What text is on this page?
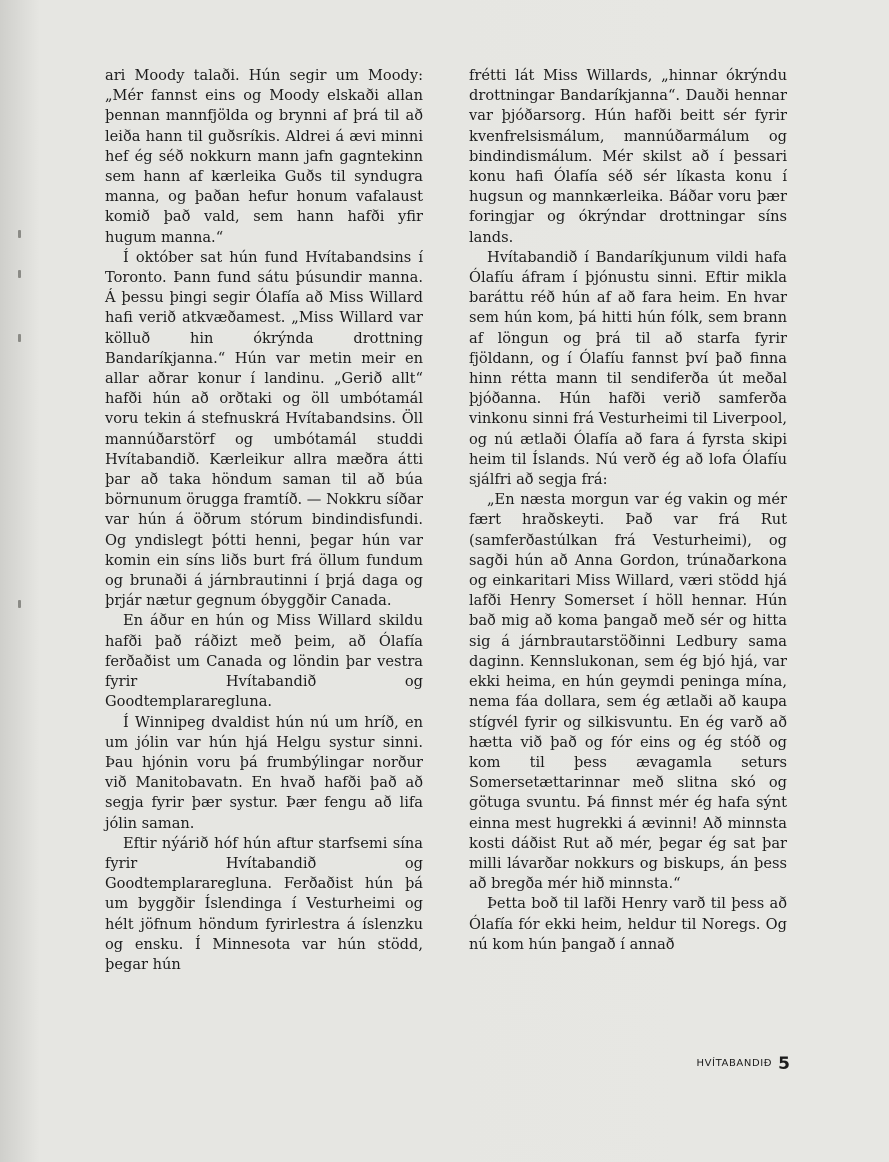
ari Moody talaði. Hún segir um Moody: „Mér fannst eins og Moody elskaði allan þennan mannfjölda og brynni af þrá til að leiða hann til guðsríkis. Aldrei á ævi minni hef ég séð nokkurn mann jafn gagntekinn sem hann af kærleika Guðs til syndugra manna, og þaðan hefur honum vafalaust komið það vald, sem hann hafði yfir hugum manna.“

Í október sat hún fund Hvítabandsins í Toronto. Þann fund sátu þúsundir manna. Á þessu þingi segir Ólafía að Miss Willard hafi verið atkvæðamest. „Miss Willard var kölluð hin ókrýnda drottning Bandaríkjanna.“ Hún var metin meir en allar aðrar konur í landinu. „Gerið allt“ hafði hún að orðtaki og öll umbótamál voru tekin á stefnuskrá Hvítabandsins. Öll mannúðarstörf og umbótamál studdi Hvítabandið. Kærleikur allra mæðra átti þar að taka höndum saman til að búa börnunum örugga framtíð. — Nokkru síðar var hún á öðrum stórum bindindisfundi. Og yndislegt þótti henni, þegar hún var komin ein síns liðs burt frá öllum fundum og brunaði á járnbrautinni í þrjá daga og þrjár nætur gegnum óbyggðir Canada.

En áður en hún og Miss Willard skildu hafði það ráðizt með þeim, að Ólafía ferðaðist um Canada og löndin þar vestra fyrir Hvítabandið og Goodtemplararegluna.

Í Winnipeg dvaldist hún nú um hríð, en um jólin var hún hjá Helgu systur sinni. Þau hjónin voru þá frumbýlingar norður við Manitobavatn. En hvað hafði það að segja fyrir þær systur. Þær fengu að lifa jólin saman.

Eftir nýárið hóf hún aftur starfsemi sína fyrir Hvítabandið og Goodtemplararegluna. Ferðaðist hún þá um byggðir Íslendinga í Vesturheimi og hélt jöfnum höndum fyrirlestra á íslenzku og ensku. Í Minnesota var hún stödd, þegar hún

frétti lát Miss Willards, „hinnar ókrýndu drottningar Bandaríkjanna“. Dauði hennar var þjóðarsorg. Hún hafði beitt sér fyrir kvenfrelsismálum, mannúðarmálum og bindindismálum. Mér skilst að í þessari konu hafi Ólafía séð sér líkasta konu í hugsun og mannkærleika. Báðar voru þær foringjar og ókrýndar drottningar síns lands.

Hvítabandið í Bandaríkjunum vildi hafa Ólafíu áfram í þjónustu sinni. Eftir mikla baráttu réð hún af að fara heim. En hvar sem hún kom, þá hitti hún fólk, sem brann af löngun og þrá til að starfa fyrir fjöldann, og í Ólafíu fannst því það finna hinn rétta mann til sendiferða út meðal þjóðanna. Hún hafði verið samferða vinkonu sinni frá Vesturheimi til Liverpool, og nú ætlaði Ólafía að fara á fyrsta skipi heim til Íslands. Nú verð ég að lofa Ólafíu sjálfri að segja frá:

„En næsta morgun var ég vakin og mér fært hraðskeyti. Það var frá Rut (samferðastúlkan frá Vesturheimi), og sagði hún að Anna Gordon, trúnaðarkona og einkaritari Miss Willard, væri stödd hjá lafði Henry Somerset í höll hennar. Hún bað mig að koma þangað með sér og hitta sig á járnbrautarstöðinni Ledbury sama daginn. Kennslukonan, sem ég bjó hjá, var ekki heima, en hún geymdi peninga mína, nema fáa dollara, sem ég ætlaði að kaupa stígvél fyrir og silkisvuntu. En ég varð að hætta við það og fór eins og ég stóð og kom til þess ævagamla seturs Somersetættarinnar með slitna skó og götuga svuntu. Þá finnst mér ég hafa sýnt einna mest hugrekki á ævinni! Að minnsta kosti dáðist Rut að mér, þegar ég sat þar milli lávarðar nokkurs og biskups, án þess að bregða mér hið minnsta.“

Þetta boð til lafði Henry varð til þess að Ólafía fór ekki heim, heldur til Noregs. Og nú kom hún þangað í annað

HVÍTABANDIÐ 5
